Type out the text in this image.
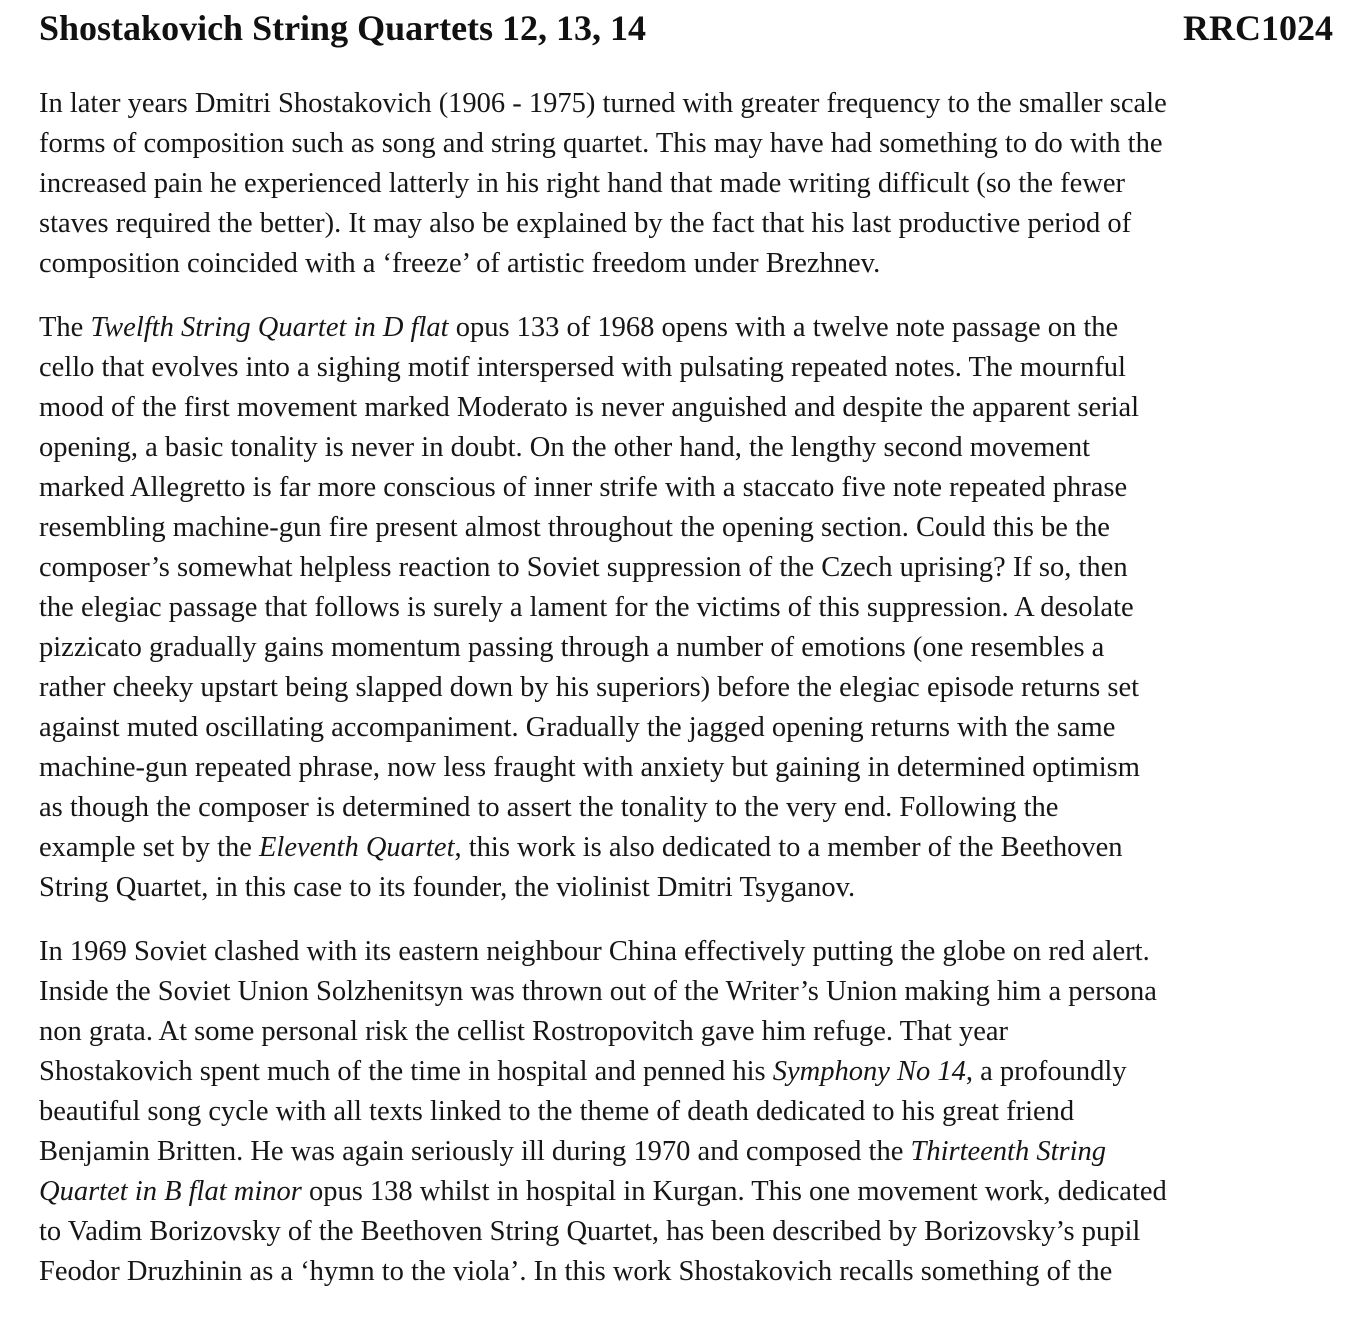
Shostakovich String Quartets 12, 13, 14	RRC1024

In later years Dmitri Shostakovich (1906 - 1975) turned with greater frequency to the smaller scale
forms of composition such as song and string quartet. This may have had something to do with the
increased pain he experienced latterly in his right hand that made writing difficult (so the fewer
staves required the better). It may also be explained by the fact that his last productive period of
composition coincided with a ‘freeze’ of artistic freedom under Brezhnev.

The Twelfth String Quartet in D flat opus 133 of 1968 opens with a twelve note passage on the
cello that evolves into a sighing motif interspersed with pulsating repeated notes. The mournful
mood of the first movement marked Moderato is never anguished and despite the apparent serial
opening, a basic tonality is never in doubt. On the other hand, the lengthy second movement
marked Allegretto is far more conscious of inner strife with a staccato five note repeated phrase
resembling machine-gun fire present almost throughout the opening section. Could this be the
composer’s somewhat helpless reaction to Soviet suppression of the Czech uprising? If so, then
the elegiac passage that follows is surely a lament for the victims of this suppression. A desolate
pizzicato gradually gains momentum passing through a number of emotions (one resembles a
rather cheeky upstart being slapped down by his superiors) before the elegiac episode returns set
against muted oscillating accompaniment. Gradually the jagged opening returns with the same
machine-gun repeated phrase, now less fraught with anxiety but gaining in determined optimism
as though the composer is determined to assert the tonality to the very end. Following the
example set by the Eleventh Quartet, this work is also dedicated to a member of the Beethoven
String Quartet, in this case to its founder, the violinist Dmitri Tsyganov.

In 1969 Soviet clashed with its eastern neighbour China effectively putting the globe on red alert.
Inside the Soviet Union Solzhenitsyn was thrown out of the Writer’s Union making him a persona
non grata. At some personal risk the cellist Rostropovitch gave him refuge. That year
Shostakovich spent much of the time in hospital and penned his Symphony No 14, a profoundly
beautiful song cycle with all texts linked to the theme of death dedicated to his great friend
Benjamin Britten. He was again seriously ill during 1970 and composed the Thirteenth String
Quartet in B flat minor opus 138 whilst in hospital in Kurgan. This one movement work, dedicated
to Vadim Borizovsky of the Beethoven String Quartet, has been described by Borizovsky’s pupil
Feodor Druzhinin as a ‘hymn to the viola’. In this work Shostakovich recalls something of the
